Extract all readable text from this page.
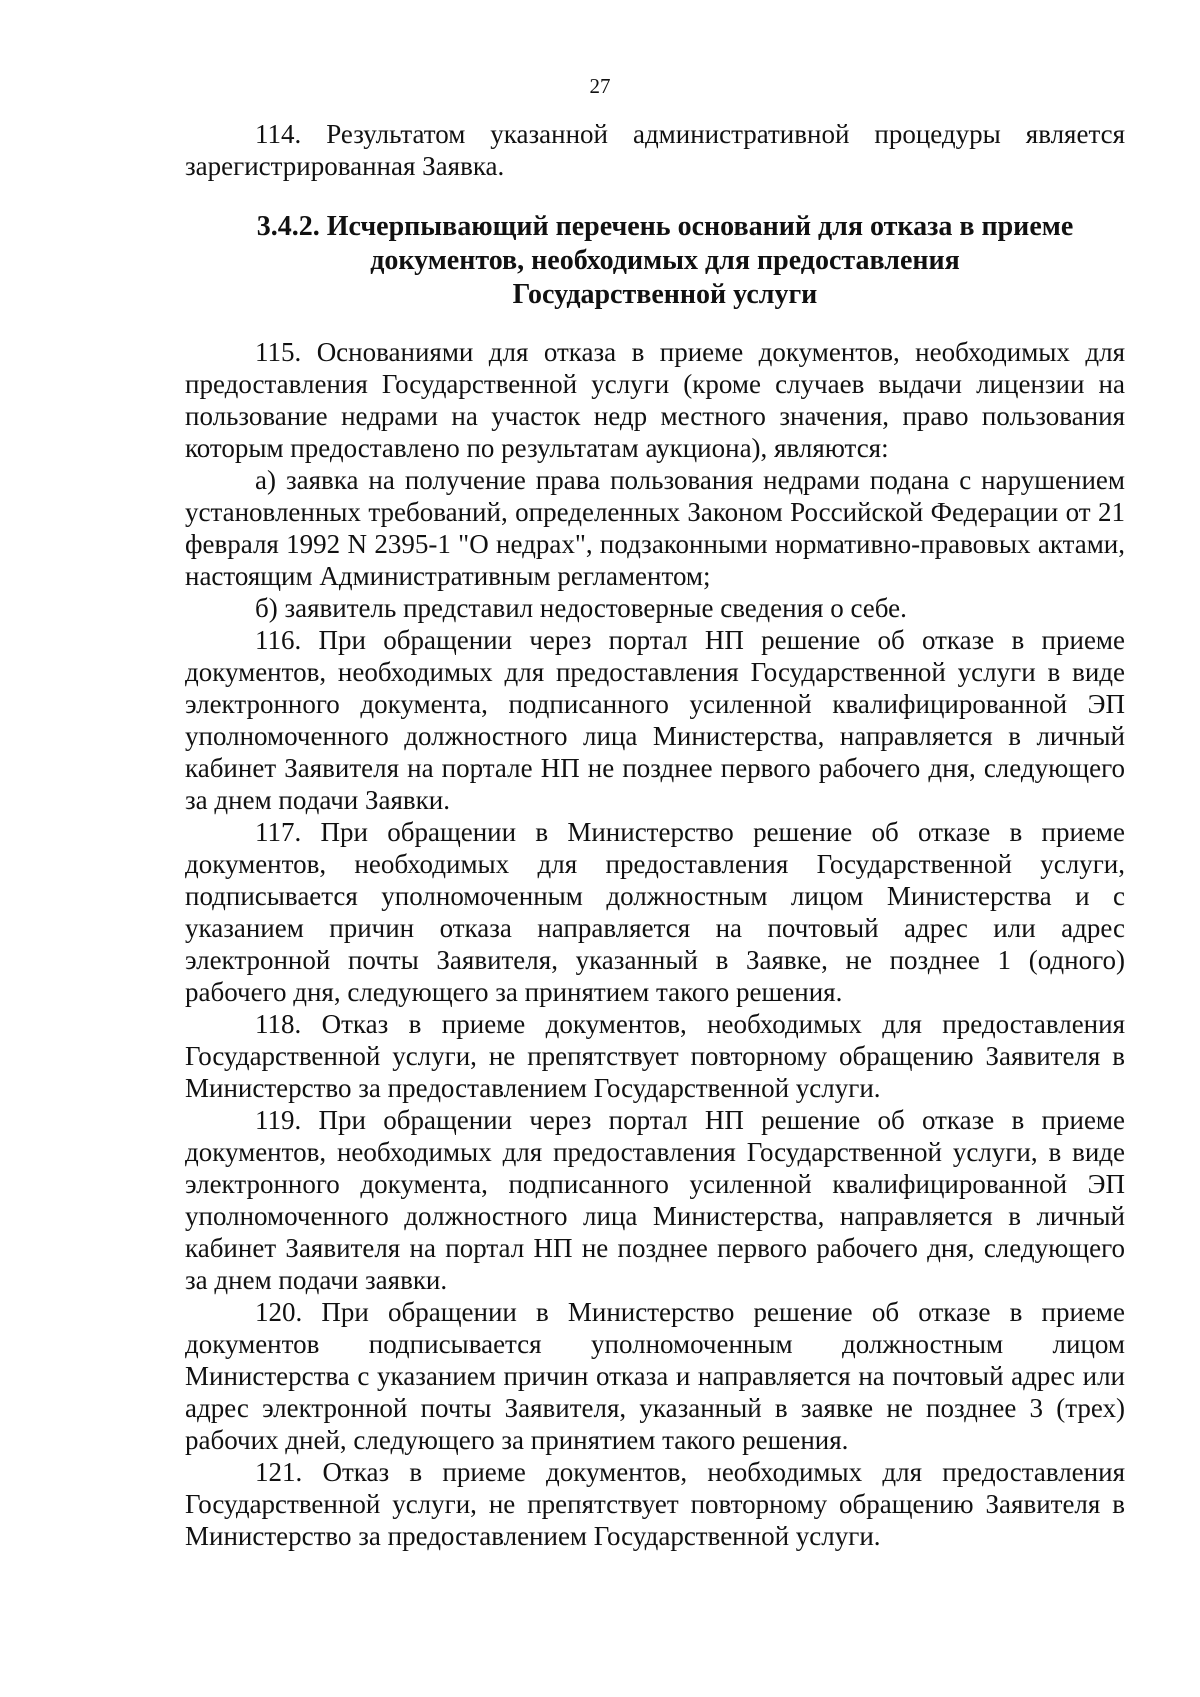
27

114. Результатом указанной административной процедуры является зарегистрированная Заявка.

3.4.2. Исчерпывающий перечень оснований для отказа в приеме
документов, необходимых для предоставления
Государственной услуги

115. Основаниями для отказа в приеме документов, необходимых для предоставления Государственной услуги (кроме случаев выдачи лицензии на пользование недрами на участок недр местного значения, право пользования которым предоставлено по результатам аукциона), являются:

а) заявка на получение права пользования недрами подана с нарушением установленных требований, определенных Законом Российской Федерации от 21 февраля 1992 N 2395-1 "О недрах", подзаконными нормативно-правовых актами, настоящим Административным регламентом;

б) заявитель представил недостоверные сведения о себе.

116. При обращении через портал НП решение об отказе в приеме документов, необходимых для предоставления Государственной услуги в виде электронного документа, подписанного усиленной квалифицированной ЭП уполномоченного должностного лица Министерства, направляется в личный кабинет Заявителя на портале НП не позднее первого рабочего дня, следующего за днем подачи Заявки.

117. При обращении в Министерство решение об отказе в приеме документов, необходимых для предоставления Государственной услуги, подписывается уполномоченным должностным лицом Министерства и с указанием причин отказа направляется на почтовый адрес или адрес электронной почты Заявителя, указанный в Заявке, не позднее 1 (одного) рабочего дня, следующего за принятием такого решения.

118. Отказ в приеме документов, необходимых для предоставления Государственной услуги, не препятствует повторному обращению Заявителя в Министерство за предоставлением Государственной услуги.

119. При обращении через портал НП решение об отказе в приеме документов, необходимых для предоставления Государственной услуги, в виде электронного документа, подписанного усиленной квалифицированной ЭП уполномоченного должностного лица Министерства, направляется в личный кабинет Заявителя на портал НП не позднее первого рабочего дня, следующего за днем подачи заявки.

120. При обращении в Министерство решение об отказе в приеме документов подписывается уполномоченным должностным лицом Министерства с указанием причин отказа и направляется на почтовый адрес или адрес электронной почты Заявителя, указанный в заявке не позднее 3 (трех) рабочих дней, следующего за принятием такого решения.

121. Отказ в приеме документов, необходимых для предоставления Государственной услуги, не препятствует повторному обращению Заявителя в Министерство за предоставлением Государственной услуги.
